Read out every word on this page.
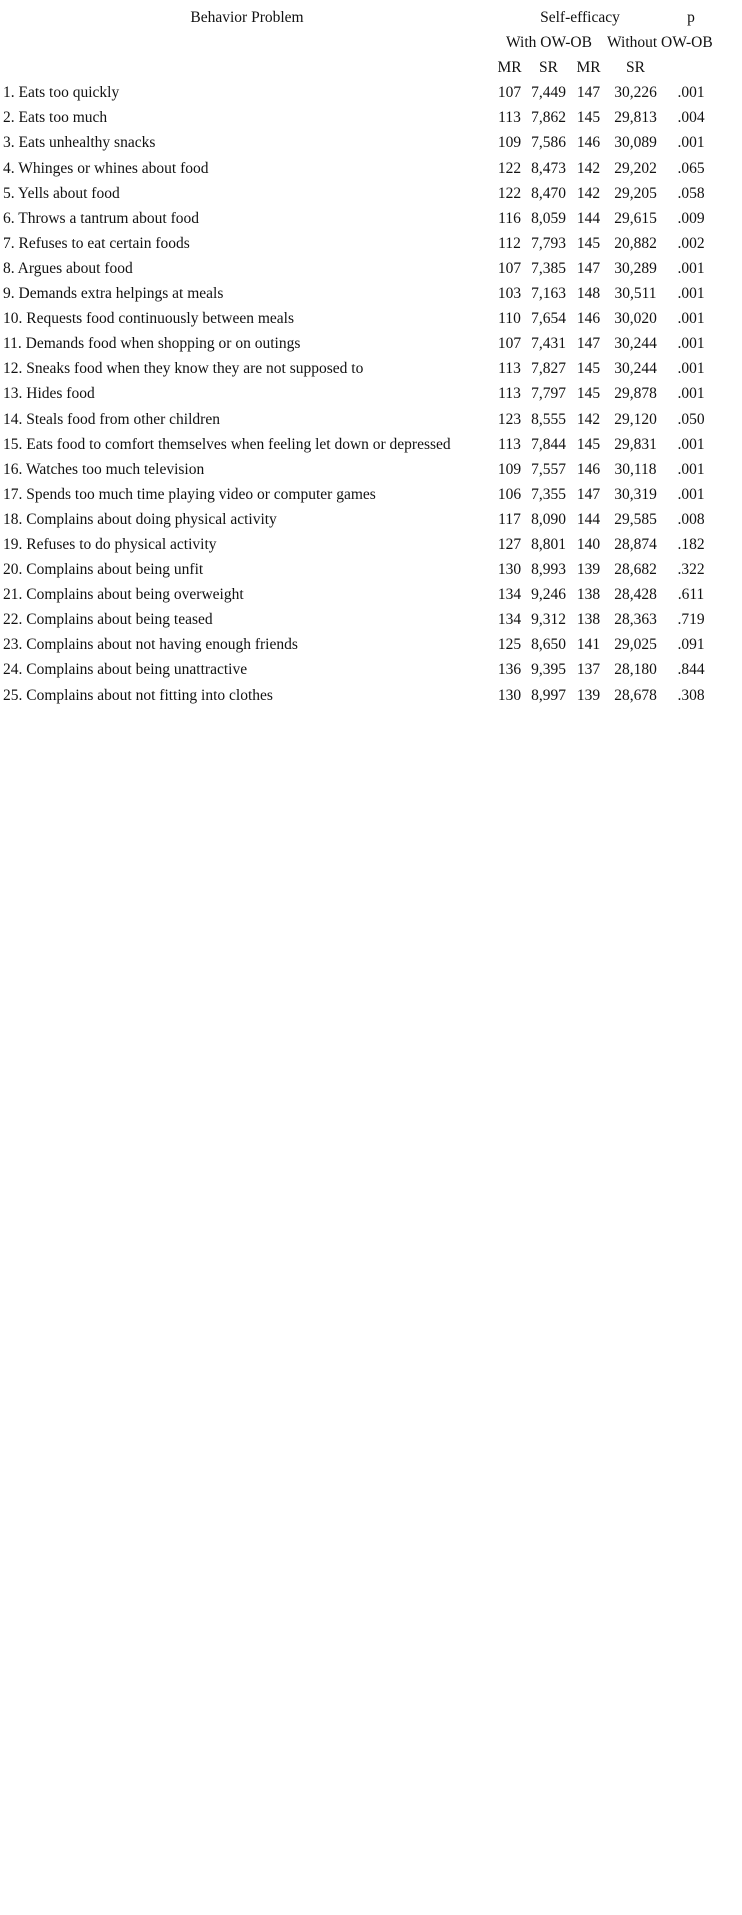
Behavior Problem	Self-efficacy	p
With OW-OB Without OW-OB
MR	SR	MR	SR
1. Eats too quickly	107 7,449 147 30,226	.001
2. Eats too much	113 7,862 145 29,813	.004
3. Eats unhealthy snacks	109 7,586 146 30,089	.001
4. Whinges or whines about food	122 8,473 142 29,202	.065
5. Yells about food	122 8,470 142 29,205	.058
6. Throws a tantrum about food	116 8,059 144 29,615	.009
7. Refuses to eat certain foods	112 7,793 145 20,882	.002
8. Argues about food	107 7,385 147 30,289	.001
9. Demands extra helpings at meals	103 7,163 148 30,511	.001
10. Requests food continuously between meals	110 7,654 146 30,020	.001
11. Demands food when shopping or on outings	107 7,431 147 30,244	.001
12. Sneaks food when they know they are not supposed to	113 7,827 145 30,244	.001
13. Hides food	113 7,797 145 29,878	.001
14. Steals food from other children	123 8,555 142 29,120	.050
15. Eats food to comfort themselves when feeling let down or depressed	113 7,844 145 29,831	.001
16. Watches too much television	109 7,557 146 30,118	.001
17. Spends too much time playing video or computer games	106 7,355 147 30,319	.001
18. Complains about doing physical activity	117 8,090 144 29,585	.008
19. Refuses to do physical activity	127 8,801 140 28,874	.182
20. Complains about being unfit	130 8,993 139 28,682	.322
21. Complains about being overweight	134 9,246 138 28,428	.611
22. Complains about being teased	134 9,312 138 28,363	.719
23. Complains about not having enough friends	125 8,650 141 29,025	.091
24. Complains about being unattractive	136 9,395 137 28,180	.844
25. Complains about not fitting into clothes	130 8,997 139 28,678	.308
